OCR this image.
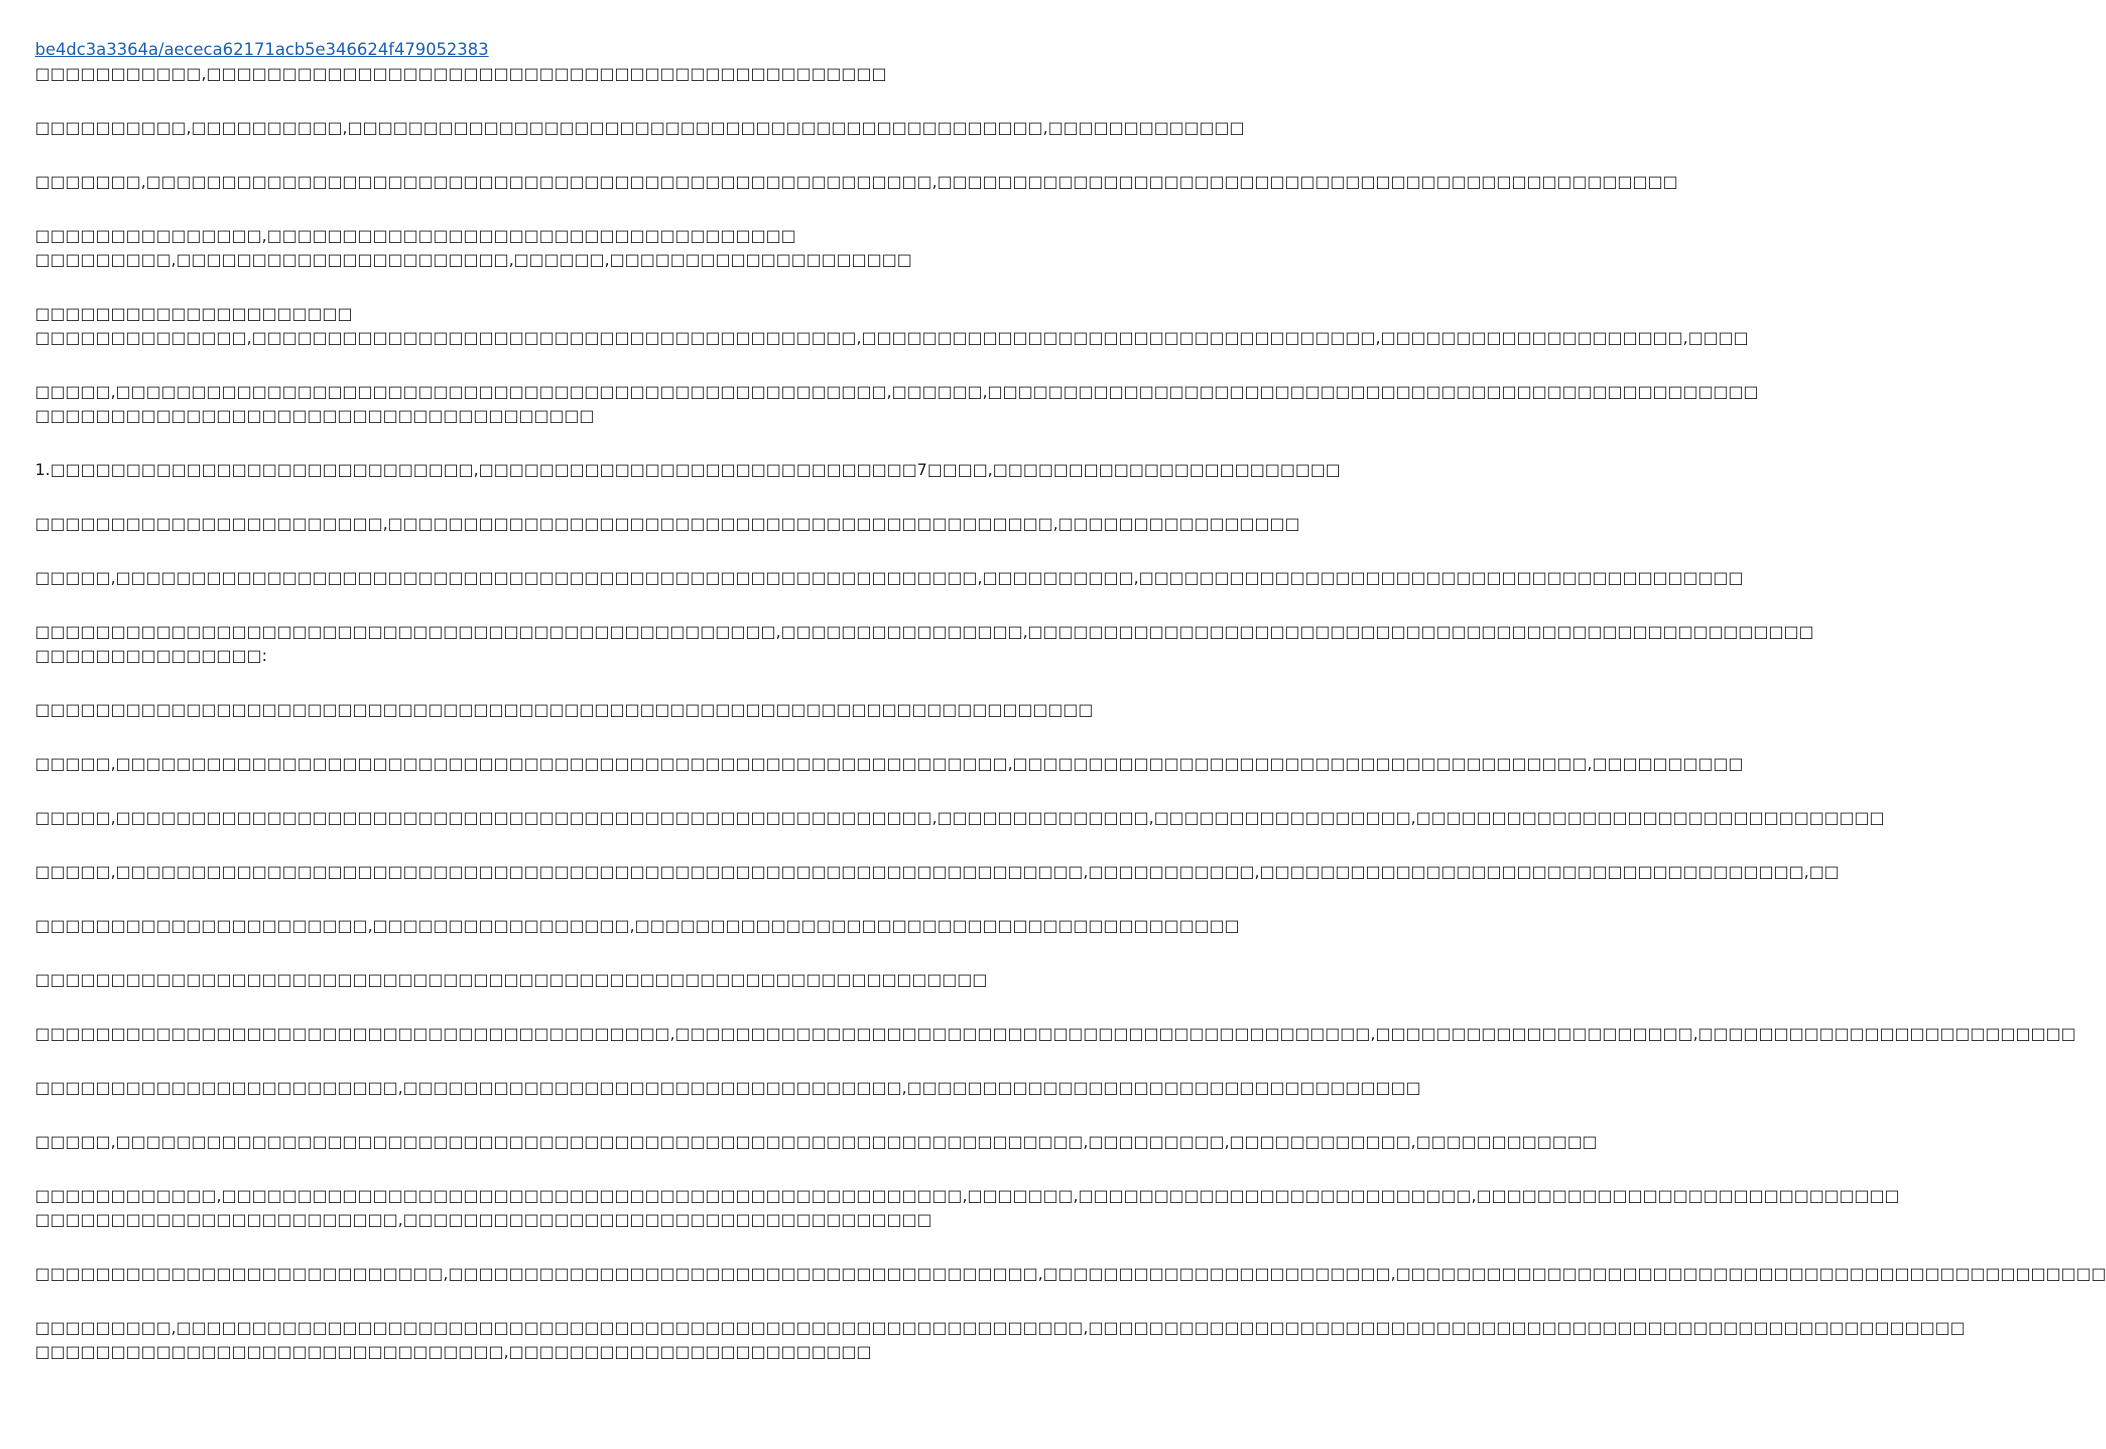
be4dc3a3364a/aececa62171acb5e346624f479052383
□□□□□□□□□□□,□□□□□□□□□□□□□□□□□□□□□□□□□□□□□□□□□□□□□□□□□□□□□
□□□□□□□□□□,□□□□□□□□□□,□□□□□□□□□□□□□□□□□□□□□□□□□□□□□□□□□□□□□□□□□□□□□□,□□□□□□□□□□□□□
□□□□□□□,□□□□□□□□□□□□□□□□□□□□□□□□□□□□□□□□□□□□□□□□□□□□□□□□□□□□,□□□□□□□□□□□□□□□□□□□□□□□□□□□□□□□□□□□□□□□□□□□□□□□□□
□□□□□□□□□□□□□□□,□□□□□□□□□□□□□□□□□□□□□□□□□□□□□□□□□□□
□□□□□□□□□,□□□□□□□□□□□□□□□□□□□□□□,□□□□□□,□□□□□□□□□□□□□□□□□□□□
□□□□□□□□□□□□□□□□□□□□□
□□□□□□□□□□□□□□,□□□□□□□□□□□□□□□□□□□□□□□□□□□□□□□□□□□□□□□□,□□□□□□□□□□□□□□□□□□□□□□□□□□□□□□□□□□,□□□□□□□□□□□□□□□□□□□□,□□□□
□□□□□,□□□□□□□□□□□□□□□□□□□□□□□□□□□□□□□□□□□□□□□□□□□□□□□□□□□,□□□□□□,□□□□□□□□□□□□□□□□□□□□□□□□□□□□□□□□□□□□□□□□□□□□□□□□□□□
□□□□□□□□□□□□□□□□□□□□□□□□□□□□□□□□□□□□□
1.□□□□□□□□□□□□□□□□□□□□□□□□□□□□,□□□□□□□□□□□□□□□□□□□□□□□□□□□□□7□□□□,□□□□□□□□□□□□□□□□□□□□□□□
□□□□□□□□□□□□□□□□□□□□□□□,□□□□□□□□□□□□□□□□□□□□□□□□□□□□□□□□□□□□□□□□□□□□,□□□□□□□□□□□□□□□□
□□□□□,□□□□□□□□□□□□□□□□□□□□□□□□□□□□□□□□□□□□□□□□□□□□□□□□□□□□□□□□□,□□□□□□□□□□,□□□□□□□□□□□□□□□□□□□□□□□□□□□□□□□□□□□□□□□□
□□□□□□□□□□□□□□□□□□□□□□□□□□□□□□□□□□□□□□□□□□□□□□□□□,□□□□□□□□□□□□□□□□,□□□□□□□□□□□□□□□□□□□□□□□□□□□□□□□□□□□□□□□□□□□□□□□□□□□□
□□□□□□□□□□□□□□□:
□□□□□□□□□□□□□□□□□□□□□□□□□□□□□□□□□□□□□□□□□□□□□□□□□□□□□□□□□□□□□□□□□□□□□□
□□□□□,□□□□□□□□□□□□□□□□□□□□□□□□□□□□□□□□□□□□□□□□□□□□□□□□□□□□□□□□□□□,□□□□□□□□□□□□□□□□□□□□□□□□□□□□□□□□□□□□□□,□□□□□□□□□□
□□□□□,□□□□□□□□□□□□□□□□□□□□□□□□□□□□□□□□□□□□□□□□□□□□□□□□□□□□□□,□□□□□□□□□□□□□□,□□□□□□□□□□□□□□□□□,□□□□□□□□□□□□□□□□□□□□□□□□□□□□□□□
□□□□□,□□□□□□□□□□□□□□□□□□□□□□□□□□□□□□□□□□□□□□□□□□□□□□□□□□□□□□□□□□□□□□□□,□□□□□□□□□□□,□□□□□□□□□□□□□□□□□□□□□□□□□□□□□□□□□□□□,□□
□□□□□□□□□□□□□□□□□□□□□□,□□□□□□□□□□□□□□□□□,□□□□□□□□□□□□□□□□□□□□□□□□□□□□□□□□□□□□□□□□
□□□□□□□□□□□□□□□□□□□□□□□□□□□□□□□□□□□□□□□□□□□□□□□□□□□□□□□□□□□□□□□
□□□□□□□□□□□□□□□□□□□□□□□□□□□□□□□□□□□□□□□□□□,□□□□□□□□□□□□□□□□□□□□□□□□□□□□□□□□□□□□□□□□□□□□□□,□□□□□□□□□□□□□□□□□□□□□,□□□□□□□□□□□□□□□□□□□□□□□□□
□□□□□□□□□□□□□□□□□□□□□□□□,□□□□□□□□□□□□□□□□□□□□□□□□□□□□□□□□□,□□□□□□□□□□□□□□□□□□□□□□□□□□□□□□□□□□
□□□□□,□□□□□□□□□□□□□□□□□□□□□□□□□□□□□□□□□□□□□□□□□□□□□□□□□□□□□□□□□□□□□□□□,□□□□□□□□□,□□□□□□□□□□□□,□□□□□□□□□□□□
□□□□□□□□□□□□,□□□□□□□□□□□□□□□□□□□□□□□□□□□□□□□□□□□□□□□□□□□□□□□□□,□□□□□□□,□□□□□□□□□□□□□□□□□□□□□□□□□□,□□□□□□□□□□□□□□□□□□□□□□□□□□□□
□□□□□□□□□□□□□□□□□□□□□□□□,□□□□□□□□□□□□□□□□□□□□□□□□□□□□□□□□□□□
□□□□□□□□□□□□□□□□□□□□□□□□□□□,□□□□□□□□□□□□□□□□□□□□□□□□□□□□□□□□□□□□□□□,□□□□□□□□□□□□□□□□□□□□□□□,□□□□□□□□□□□□□□□□□□□□□□□□□□□□□□□□□□□□□□□□□□□□□□□
□□□□□□□□□,□□□□□□□□□□□□□□□□□□□□□□□□□□□□□□□□□□□□□□□□□□□□□□□□□□□□□□□□□□□□,□□□□□□□□□□□□□□□□□□□□□□□□□□□□□□□□□□□□□□□□□□□□□□□□□□□□□□□□□□
□□□□□□□□□□□□□□□□□□□□□□□□□□□□□□□,□□□□□□□□□□□□□□□□□□□□□□□□
